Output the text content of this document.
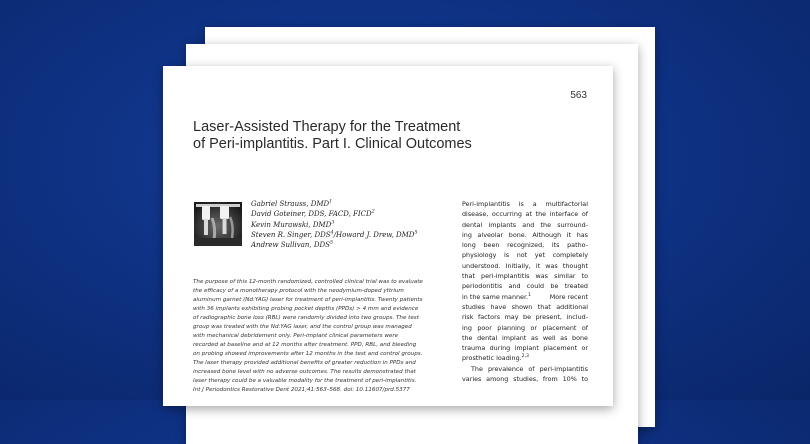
563
Laser-Assisted Therapy for the Treatment
of Peri-implantitis. Part I. Clinical Outcomes
Gabriel Strauss, DMD$^1$
David Goteiner, DDS, FACD, FICD$^2$
Kevin Murawski, DMD$^3$
Steven R. Singer, DDS$^4$/Howard J. Drew, DMD$^5$
Andrew Sullivan, DDS$^5$
The purpose of this 12-month randomized, controlled clinical trial was to evaluate
the efficacy of a monotherapy protocol with the neodymium-doped yttrium
aluminum garnet (Nd:YAG) laser for treatment of peri-implantitis. Twenty patients
with 36 implants exhibiting probing pocket depths (PPDs) > 4 mm and evidence
of radiographic bone loss (RBL) were randomly divided into two groups. The test
group was treated with the Nd:YAG laser, and the control group was managed
with mechanical debridement only. Peri-implant clinical parameters were
recorded at baseline and at 12 months after treatment. PPD, RBL, and bleeding
on probing showed improvements after 12 months in the test and control groups.
The laser therapy provided additional benefits of greater reduction in PPDs and
increased bone level with no adverse outcomes. The results demonstrated that
laser therapy could be a valuable modality for the treatment of peri-implantitis.
Int J Periodontics Restorative Dent 2021;41:563–568. doi: 10.11607/prd.5377
Peri-implantitis is a multifactorial
disease, occurring at the interface of
dental implants and the surround-
ing alveolar bone. Although it has
long been recognized, its patho-
physiology is not yet completely
understood. Initially, it was thought
that peri-implantitis was similar to
periodontitis and could be treated
in the same manner.$^1$	More recent
studies have shown that additional
risk factors may be present, includ-
ing poor planning or placement of
the dental implant as well as bone
trauma during implant placement or
prosthetic loading.$^{2,3}$
The prevalence of peri-implantitis
varies among studies, from 10% to
